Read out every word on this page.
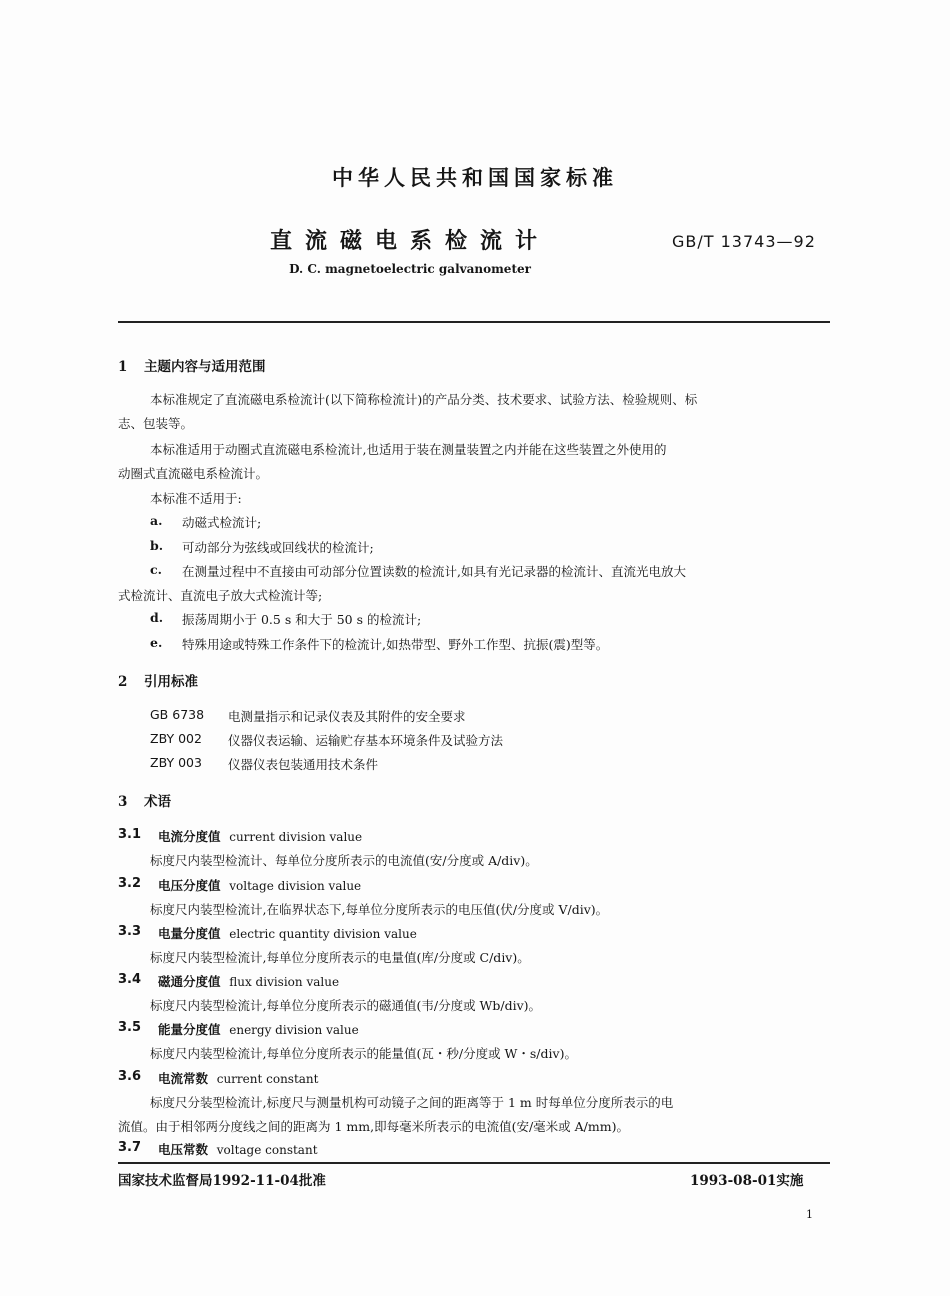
中华人民共和国国家标准
直流磁电系检流计	GB/T 13743—92
D. C. magnetoelectric galvanometer
1 主题内容与适用范围
本标准规定了直流磁电系检流计(以下简称检流计)的产品分类、技术要求、试验方法、检验规则、标
志、包装等。
本标准适用于动圈式直流磁电系检流计,也适用于装在测量装置之内并能在这些装置之外使用的
动圈式直流磁电系检流计。
本标准不适用于:
a. 动磁式检流计;
b. 可动部分为弦线或回线状的检流计;
c. 在测量过程中不直接由可动部分位置读数的检流计,如具有光记录器的检流计、直流光电放大
式检流计、直流电子放大式检流计等;
d. 振荡周期小于 0.5 s 和大于 50 s 的检流计;
e. 特殊用途或特殊工作条件下的检流计,如热带型、野外工作型、抗振(震)型等。
2 引用标准
GB 6738 电测量指示和记录仪表及其附件的安全要求
ZBY 002 仪器仪表运输、运输贮存基本环境条件及试验方法
ZBY 003 仪器仪表包装通用技术条件
3 术语
3.1 电流分度值 current division value
标度尺内装型检流计、每单位分度所表示的电流值(安/分度或 A/div)。
3.2 电压分度值 voltage division value
标度尺内装型检流计,在临界状态下,每单位分度所表示的电压值(伏/分度或 V/div)。
3.3 电量分度值 electric quantity division value
标度尺内装型检流计,每单位分度所表示的电量值(库/分度或 C/div)。
3.4 磁通分度值 flux division value
标度尺内装型检流计,每单位分度所表示的磁通值(韦/分度或 Wb/div)。
3.5 能量分度值 energy division value
标度尺内装型检流计,每单位分度所表示的能量值(瓦・秒/分度或 W・s/div)。
3.6 电流常数 current constant
标度尺分装型检流计,标度尺与测量机构可动镜子之间的距离等于 1 m 时每单位分度所表示的电
流值。由于相邻两分度线之间的距离为 1 mm,即每毫米所表示的电流值(安/毫米或 A/mm)。
3.7 电压常数 voltage constant
国家技术监督局1992-11-04批准	1993-08-01实施
1
